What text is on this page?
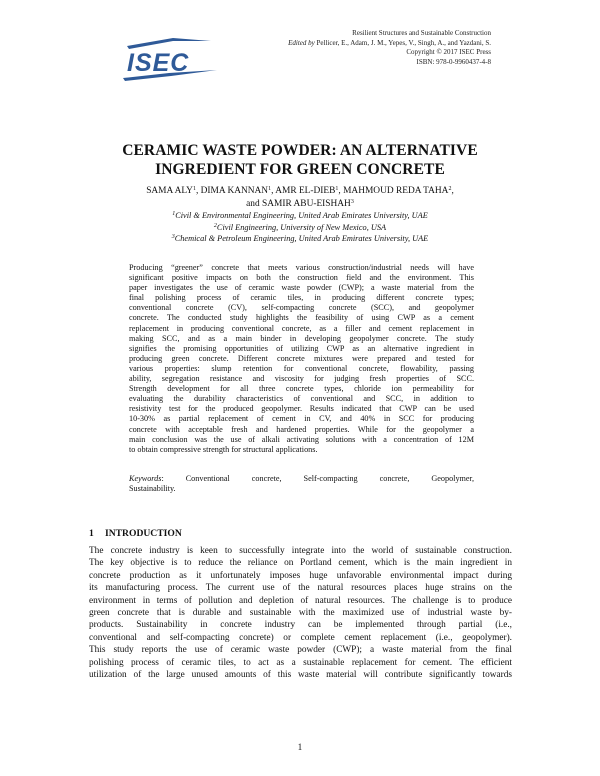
ISEC
Resilient Structures and Sustainable Construction
Edited by Pellicer, E., Adam, J. M., Yepes, V., Singh, A., and Yazdani, S.
Copyright © 2017 ISEC Press
ISBN: 978-0-9960437-4-8
CERAMIC WASTE POWDER: AN ALTERNATIVE
INGREDIENT FOR GREEN CONCRETE
SAMA ALY$^1$, DIMA KANNAN$^1$, AMR EL-DIEB$^1$, MAHMOUD REDA TAHA$^2$,
and SAMIR ABU-EISHAH$^3$
$^1$Civil & Environmental Engineering, United Arab Emirates University, UAE
$^2$Civil Engineering, University of New Mexico, USA
$^3$Chemical & Petroleum Engineering, United Arab Emirates University, UAE
Producing “greener” concrete that meets various construction/industrial needs will have
significant positive impacts on both the construction field and the environment. This
paper investigates the use of ceramic waste powder (CWP); a waste material from the
final polishing process of ceramic tiles, in producing different concrete types;
conventional concrete (CV), self-compacting concrete (SCC), and geopolymer
concrete. The conducted study highlights the feasibility of using CWP as a cement
replacement in producing conventional concrete, as a filler and cement replacement in
making SCC, and as a main binder in developing geopolymer concrete. The study
signifies the promising opportunities of utilizing CWP as an alternative ingredient in
producing green concrete. Different concrete mixtures were prepared and tested for
various properties: slump retention for conventional concrete, flowability, passing
ability, segregation resistance and viscosity for judging fresh properties of SCC.
Strength development for all three concrete types, chloride ion permeability for
evaluating the durability characteristics of conventional and SCC, in addition to
resistivity test for the produced geopolymer. Results indicated that CWP can be used
10-30% as partial replacement of cement in CV, and 40% in SCC for producing
concrete with acceptable fresh and hardened properties. While for the geopolymer a
main conclusion was the use of alkali activating solutions with a concentration of 12M
to obtain compressive strength for structural applications.
Keywords: Conventional concrete, Self-compacting concrete, Geopolymer,
Sustainability.
1 INTRODUCTION
The concrete industry is keen to successfully integrate into the world of sustainable construction.
The key objective is to reduce the reliance on Portland cement, which is the main ingredient in
concrete production as it unfortunately imposes huge unfavorable environmental impact during
its manufacturing process. The current use of the natural resources places huge strains on the
environment in terms of pollution and depletion of natural resources. The challenge is to produce
green concrete that is durable and sustainable with the maximized use of industrial waste by-
products. Sustainability in concrete industry can be implemented through partial (i.e.,
conventional and self-compacting concrete) or complete cement replacement (i.e., geopolymer).
This study reports the use of ceramic waste powder (CWP); a waste material from the final
polishing process of ceramic tiles, to act as a sustainable replacement for cement. The efficient
utilization of the large unused amounts of this waste material will contribute significantly towards
1
